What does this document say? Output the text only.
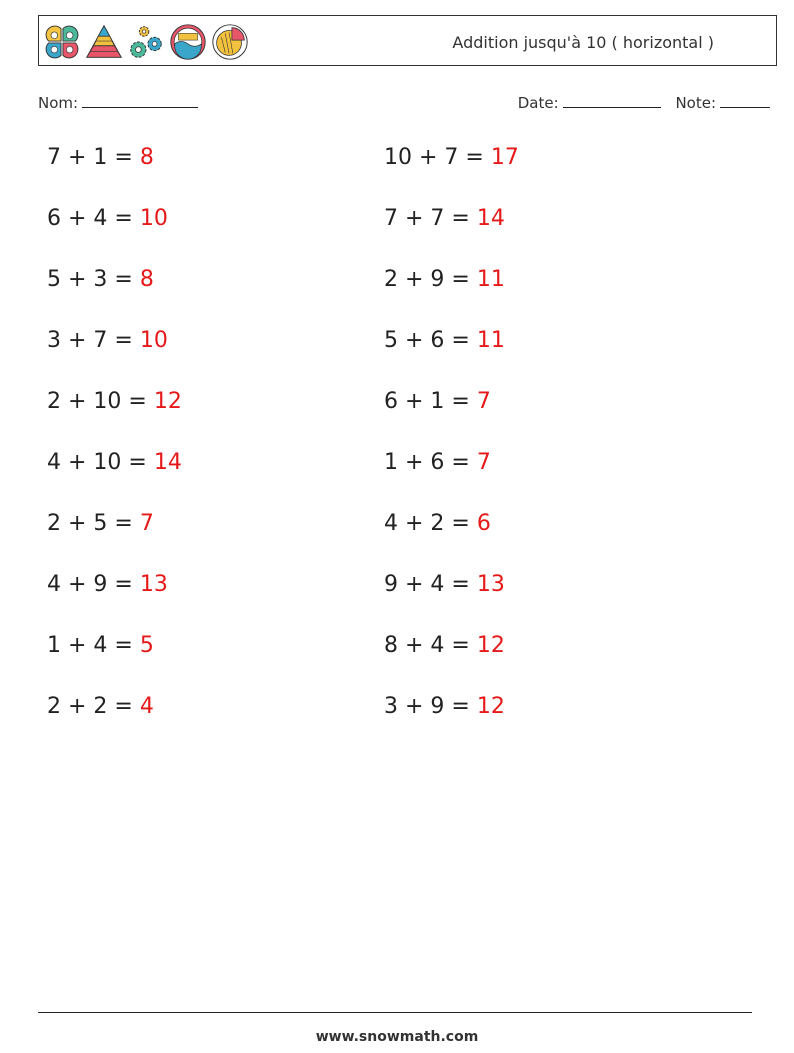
Addition jusqu'à 10 ( horizontal )
Nom:	Date:	Note:
7 + 1 = 8
6 + 4 = 10
5 + 3 = 8
3 + 7 = 10
2 + 10 = 12
4 + 10 = 14
2 + 5 = 7
4 + 9 = 13
1 + 4 = 5
2 + 2 = 4
10 + 7 = 17
7 + 7 = 14
2 + 9 = 11
5 + 6 = 11
6 + 1 = 7
1 + 6 = 7
4 + 2 = 6
9 + 4 = 13
8 + 4 = 12
3 + 9 = 12
www.snowmath.com
